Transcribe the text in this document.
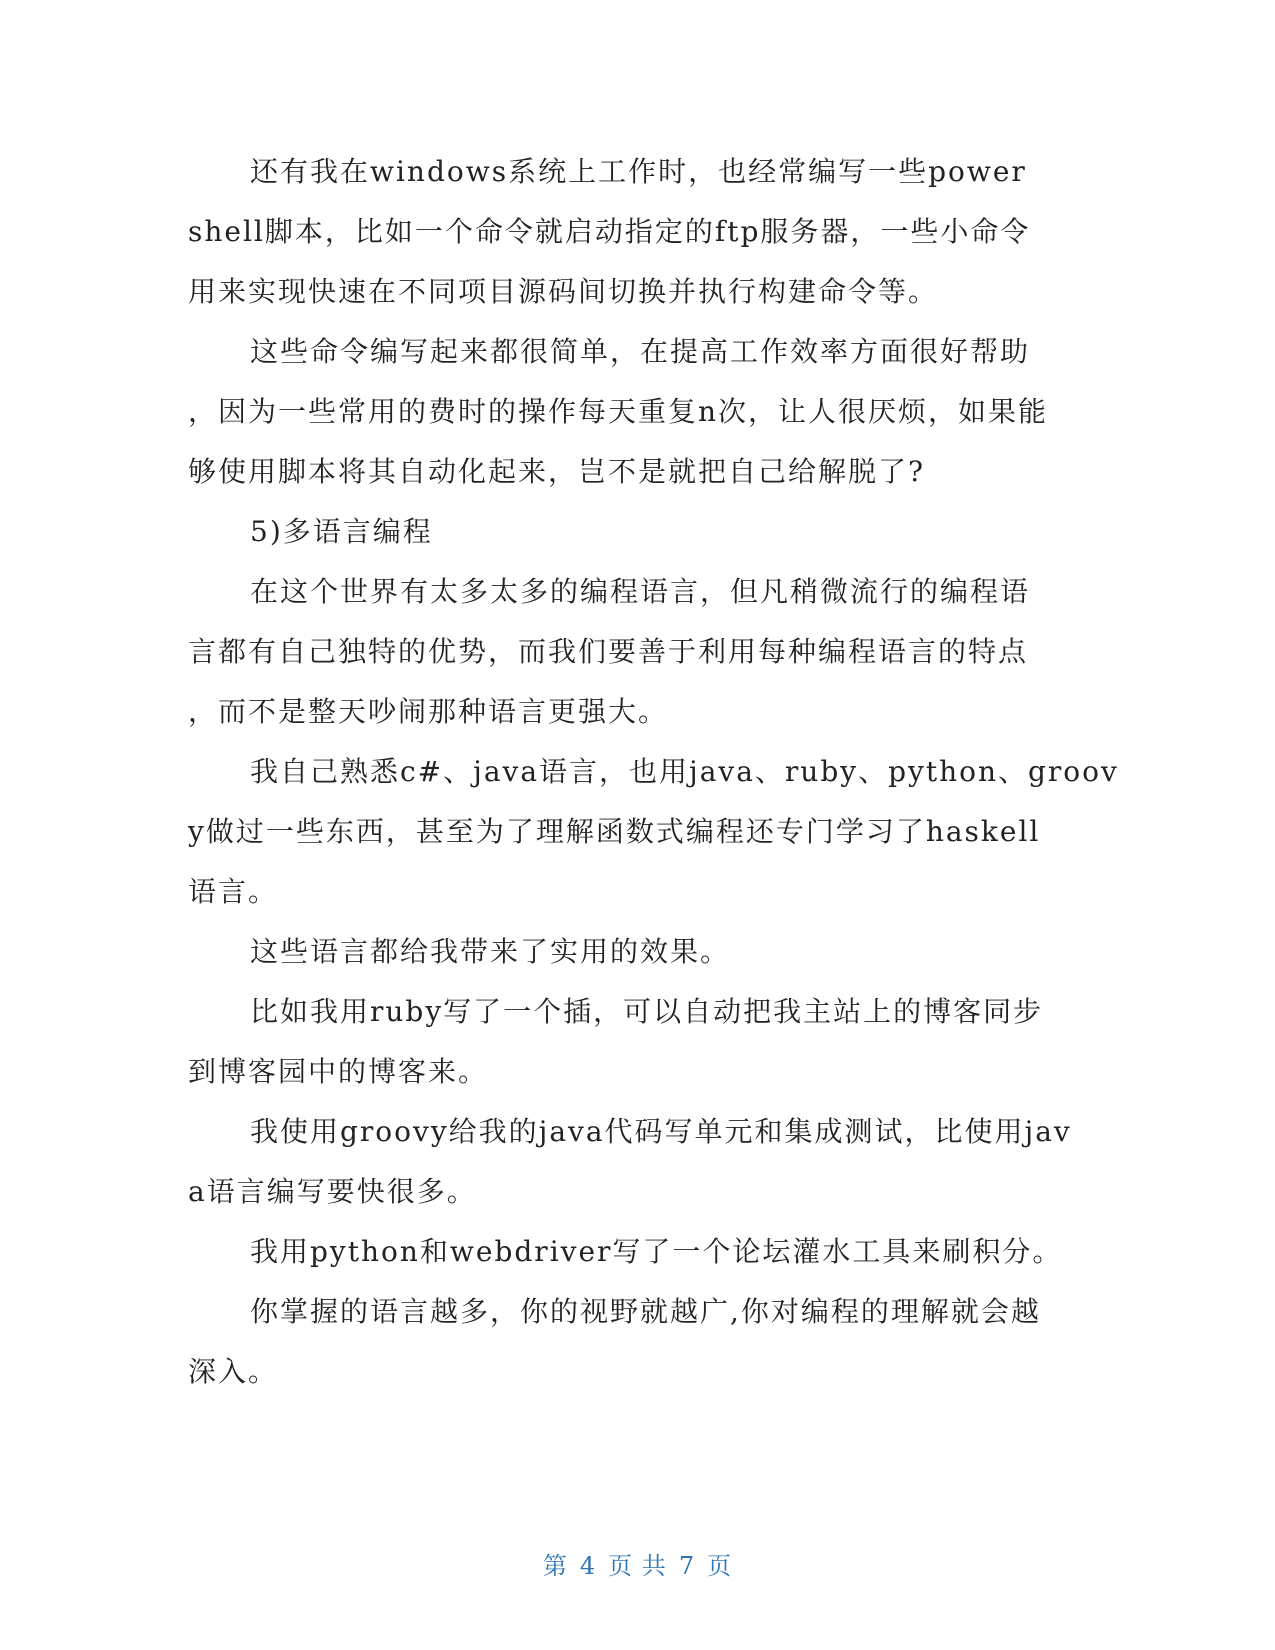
还有我在windows系统上工作时，也经常编写一些power
shell脚本，比如一个命令就启动指定的ftp服务器，一些小命令
用来实现快速在不同项目源码间切换并执行构建命令等。
这些命令编写起来都很简单，在提高工作效率方面很好帮助
，因为一些常用的费时的操作每天重复n次，让人很厌烦，如果能
够使用脚本将其自动化起来，岂不是就把自己给解脱了?
5)多语言编程
在这个世界有太多太多的编程语言，但凡稍微流行的编程语
言都有自己独特的优势，而我们要善于利用每种编程语言的特点
，而不是整天吵闹那种语言更强大。
我自己熟悉c#、java语言，也用java、ruby、python、groov
y做过一些东西，甚至为了理解函数式编程还专门学习了haskell
语言。
这些语言都给我带来了实用的效果。
比如我用ruby写了一个插，可以自动把我主站上的博客同步
到博客园中的博客来。
我使用groovy给我的java代码写单元和集成测试，比使用jav
a语言编写要快很多。
我用python和webdriver写了一个论坛灌水工具来刷积分。
你掌握的语言越多，你的视野就越广,你对编程的理解就会越
深入。
第 4 页 共 7 页
